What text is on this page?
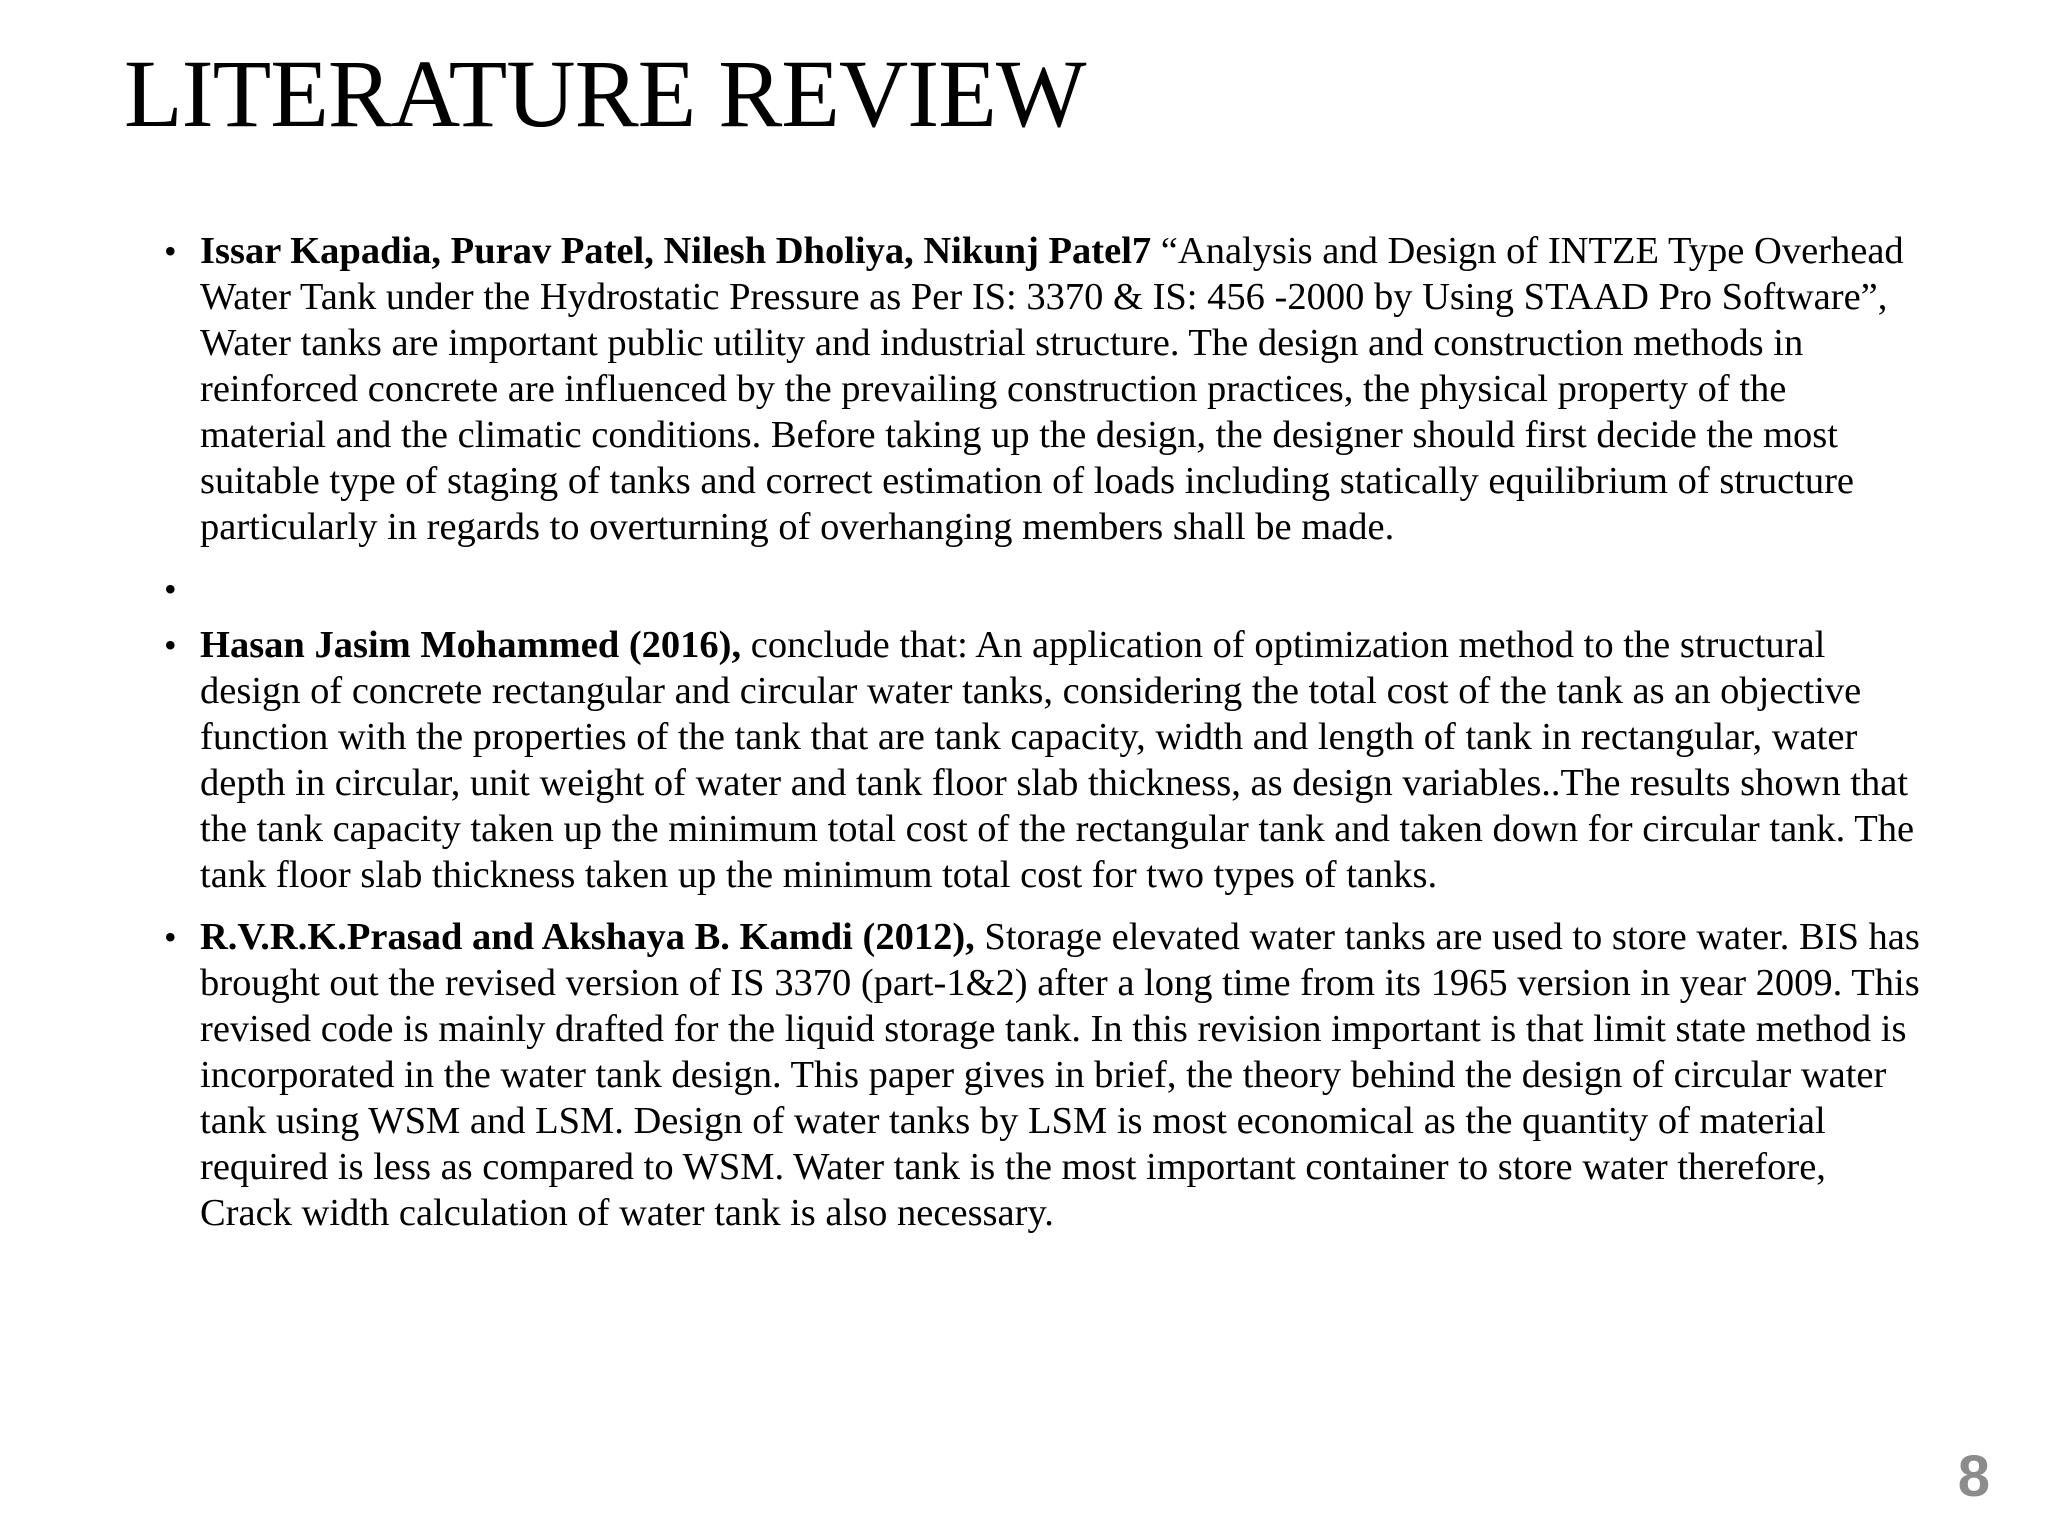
LITERATURE REVIEW
• Issar Kapadia, Purav Patel, Nilesh Dholiya, Nikunj Patel7 “Analysis and Design of INTZE Type Overhead Water Tank under the Hydrostatic Pressure as Per IS: 3370 & IS: 456 -2000 by Using STAAD Pro Software”, Water tanks are important public utility and industrial structure. The design and construction methods in reinforced concrete are influenced by the prevailing construction practices, the physical property of the material and the climatic conditions. Before taking up the design, the designer should first decide the most suitable type of staging of tanks and correct estimation of loads including statically equilibrium of structure particularly in regards to overturning of overhanging members shall be made.
•
• Hasan Jasim Mohammed (2016), conclude that: An application of optimization method to the structural design of concrete rectangular and circular water tanks, considering the total cost of the tank as an objective function with the properties of the tank that are tank capacity, width and length of tank in rectangular, water depth in circular, unit weight of water and tank floor slab thickness, as design variables..The results shown that the tank capacity taken up the minimum total cost of the rectangular tank and taken down for circular tank. The tank floor slab thickness taken up the minimum total cost for two types of tanks.
• R.V.R.K.Prasad and Akshaya B. Kamdi (2012), Storage elevated water tanks are used to store water. BIS has brought out the revised version of IS 3370 (part-1&2) after a long time from its 1965 version in year 2009. This revised code is mainly drafted for the liquid storage tank. In this revision important is that limit state method is incorporated in the water tank design. This paper gives in brief, the theory behind the design of circular water tank using WSM and LSM. Design of water tanks by LSM is most economical as the quantity of material required is less as compared to WSM. Water tank is the most important container to store water therefore, Crack width calculation of water tank is also necessary.
8
